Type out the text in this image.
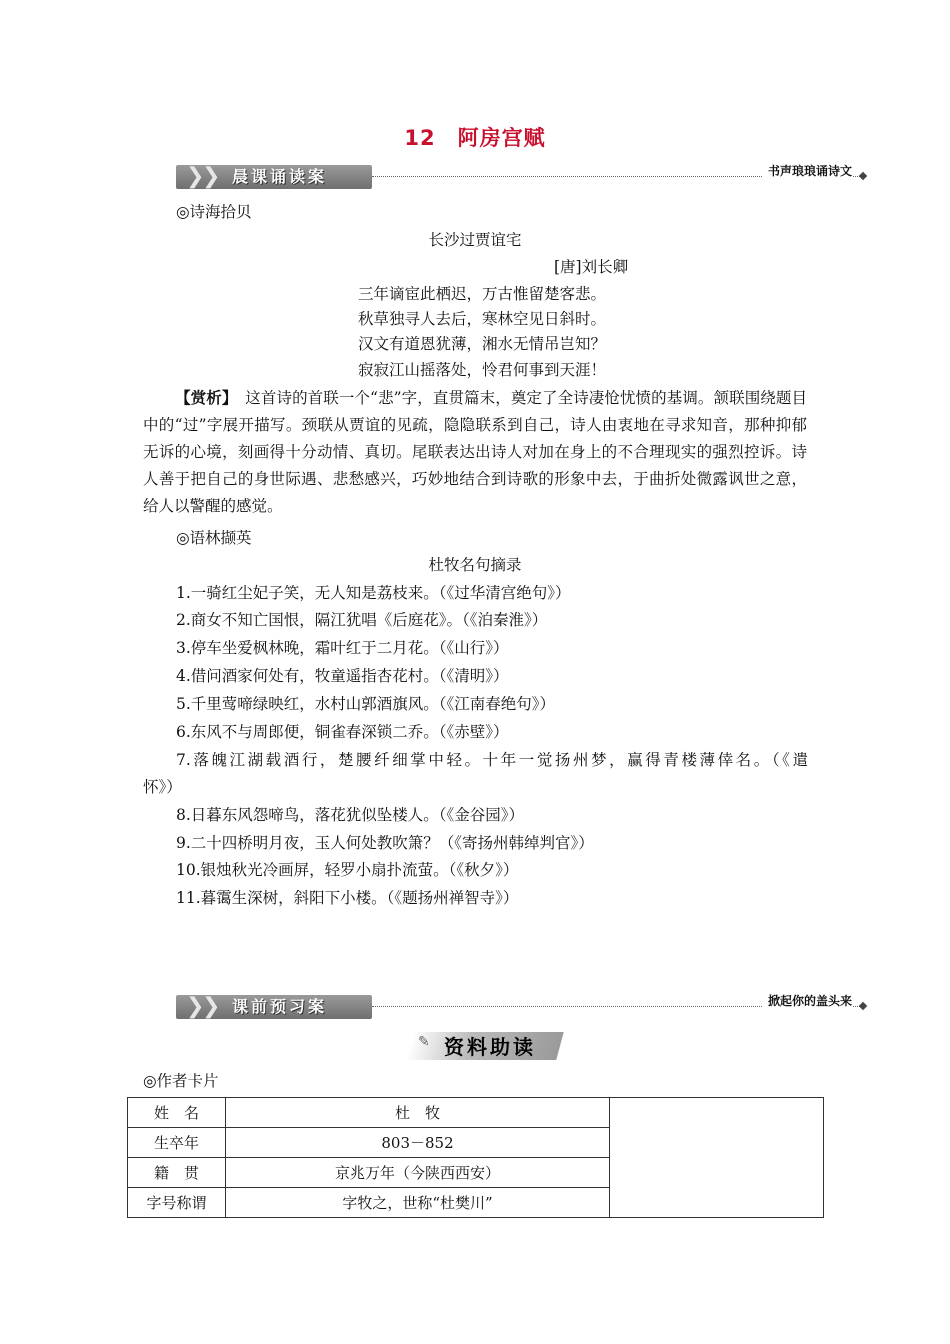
12　阿房宫赋
❯
❯ 晨课诵读案	书声琅琅诵诗文
◎诗海拾贝
长沙过贾谊宅
[唐]刘长卿
三年谪宦此栖迟，万古惟留楚客悲。
秋草独寻人去后，寒林空见日斜时。
汉文有道恩犹薄，湘水无情吊岂知？
寂寂江山摇落处，怜君何事到天涯！
【赏析】　这首诗的首联一个“悲”字，直贯篇末，奠定了全诗凄怆忧愤的基调。颔联围绕题目中的“过”字展开描写。颈联从贾谊的见疏，隐隐联系到自己，诗人由衷地在寻求知音，那种抑郁无诉的心境，刻画得十分动情、真切。尾联表达出诗人对加在身上的不合理现实的强烈控诉。诗人善于把自己的身世际遇、悲愁感兴，巧妙地结合到诗歌的形象中去，于曲折处微露讽世之意，给人以警醒的感觉。
◎语林撷英
杜牧名句摘录
1.一骑红尘妃子笑，无人知是荔枝来。（《过华清宫绝句》）
2.商女不知亡国恨，隔江犹唱《后庭花》。（《泊秦淮》）
3.停车坐爱枫林晚，霜叶红于二月花。（《山行》）
4.借问酒家何处有，牧童遥指杏花村。（《清明》）
5.千里莺啼绿映红，水村山郭酒旗风。（《江南春绝句》）
6.东风不与周郎便，铜雀春深锁二乔。（《赤壁》）
7.落魄江湖载酒行，楚腰纤细掌中轻。十年一觉扬州梦，赢得青楼薄倖名。（《遣
怀》）
8.日暮东风怨啼鸟，落花犹似坠楼人。（《金谷园》）
9.二十四桥明月夜，玉人何处教吹箫？（《寄扬州韩绰判官》）
10.银烛秋光冷画屏，轻罗小扇扑流萤。（《秋夕》）
11.暮霭生深树，斜阳下小楼。（《题扬州禅智寺》）
❯
❯ 课前预习案	掀起你的盖头来
✎ 资料助读
◎作者卡片
姓　名	杜　牧	
生卒年	803－852	
籍　贯	京兆万年（今陕西西安）	
字号称谓	字牧之，世称“杜樊川”	
